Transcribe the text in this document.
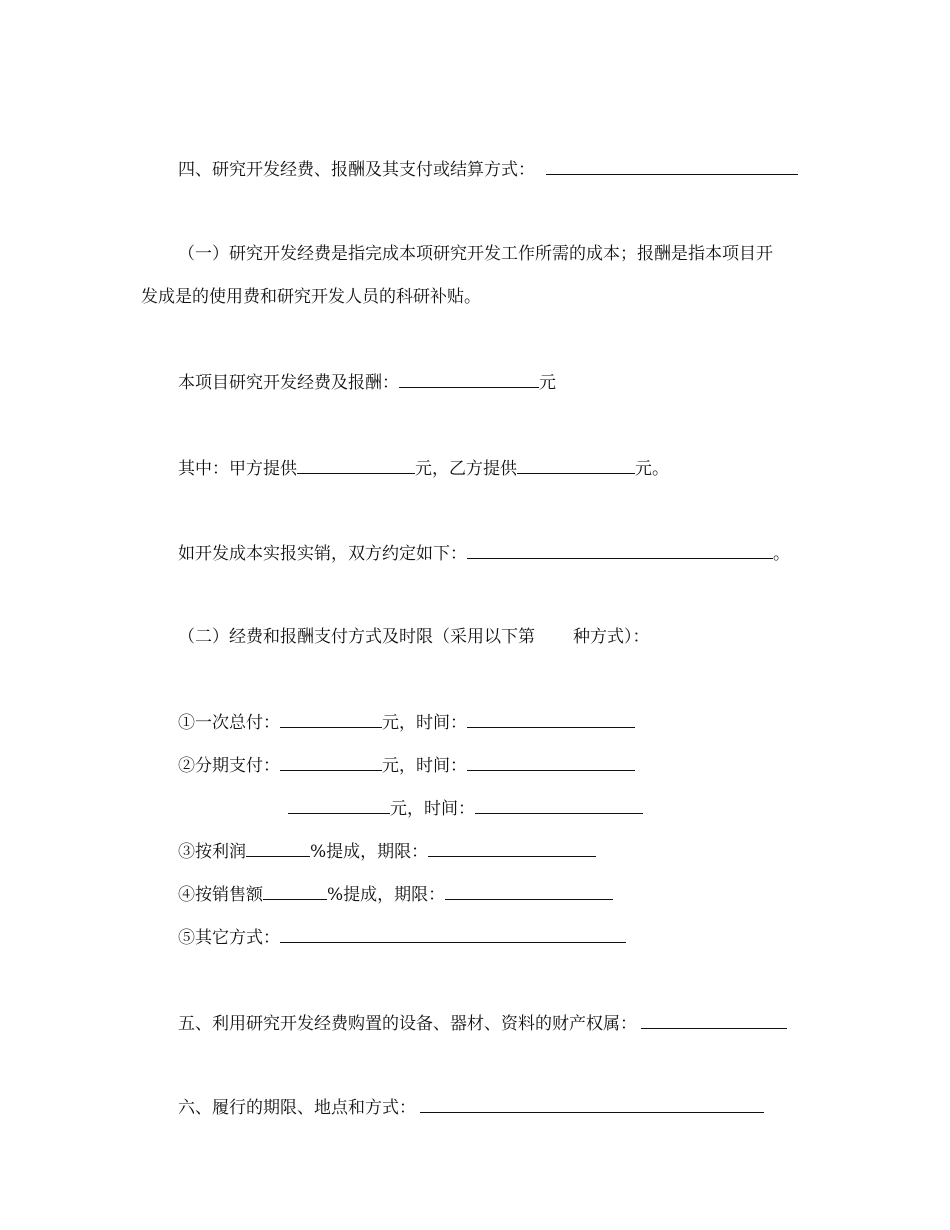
四、研究开发经费、报酬及其支付或结算方式：
（一）研究开发经费是指完成本项研究开发工作所需的成本；报酬是指本项目开
发成是的使用费和研究开发人员的科研补贴。
本项目研究开发经费及报酬：	元
其中：甲方提供	元，乙方提供	元。
如开发成本实报实销，双方约定如下：	。
（二）经费和报酬支付方式及时限（采用以下第 种方式）：
①一次总付：	元，时间：
②分期支付：	元，时间：
元，时间：
③按利润	%提成，期限：
④按销售额	%提成，期限：
⑤其它方式：
五、利用研究开发经费购置的设备、器材、资料的财产权属：
六、履行的期限、地点和方式：
